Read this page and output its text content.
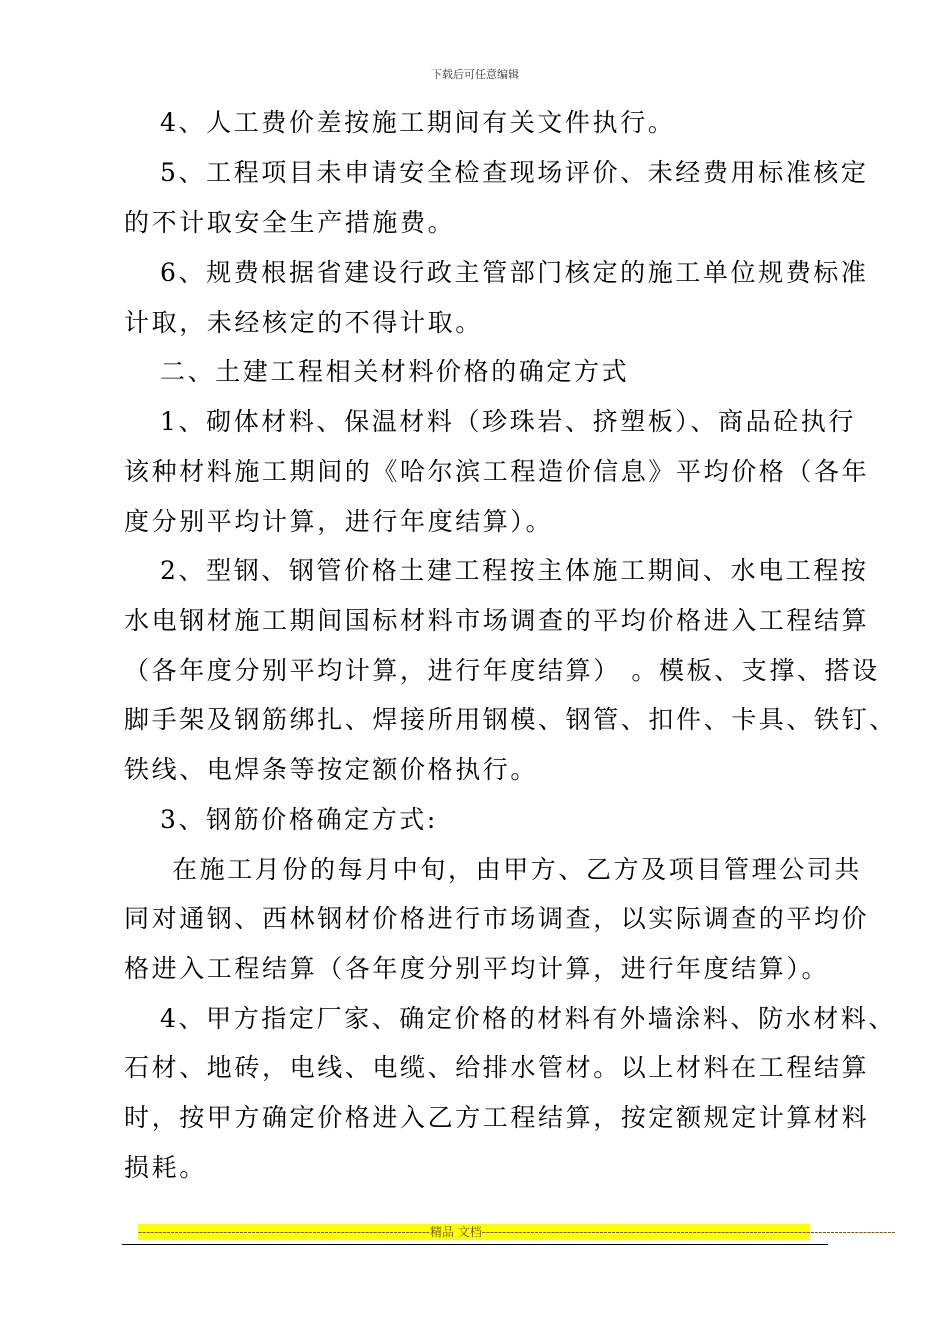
下载后可任意编辑
4、人工费价差按施工期间有关文件执行。
5、工程项目未申请安全检查现场评价、未经费用标准核定
的不计取安全生产措施费。
6、规费根据省建设行政主管部门核定的施工单位规费标准
计取，未经核定的不得计取。
二、土建工程相关材料价格的确定方式
1、砌体材料、保温材料（珍珠岩、挤塑板）、商品砼执行
该种材料施工期间的《哈尔滨工程造价信息》平均价格（各年
度分别平均计算，进行年度结算）。
2、型钢、钢管价格土建工程按主体施工期间、水电工程按
水电钢材施工期间国标材料市场调查的平均价格进入工程结算
（各年度分别平均计算，进行年度结算） 。模板、支撑、搭设
脚手架及钢筋绑扎、焊接所用钢模、钢管、扣件、卡具、铁钉、
铁线、电焊条等按定额价格执行。
3、钢筋价格确定方式:
在施工月份的每月中旬，由甲方、乙方及项目管理公司共
同对通钢、西林钢材价格进行市场调查，以实际调查的平均价
格进入工程结算（各年度分别平均计算，进行年度结算）。
4、甲方指定厂家、确定价格的材料有外墙涂料、防水材料、
石材、地砖，电线、电缆、给排水管材。以上材料在工程结算
时，按甲方确定价格进入乙方工程结算，按定额规定计算材料
损耗。
------------------------------------------------------------------------精品 文档------------------------------------------------------------------------------------------------------
